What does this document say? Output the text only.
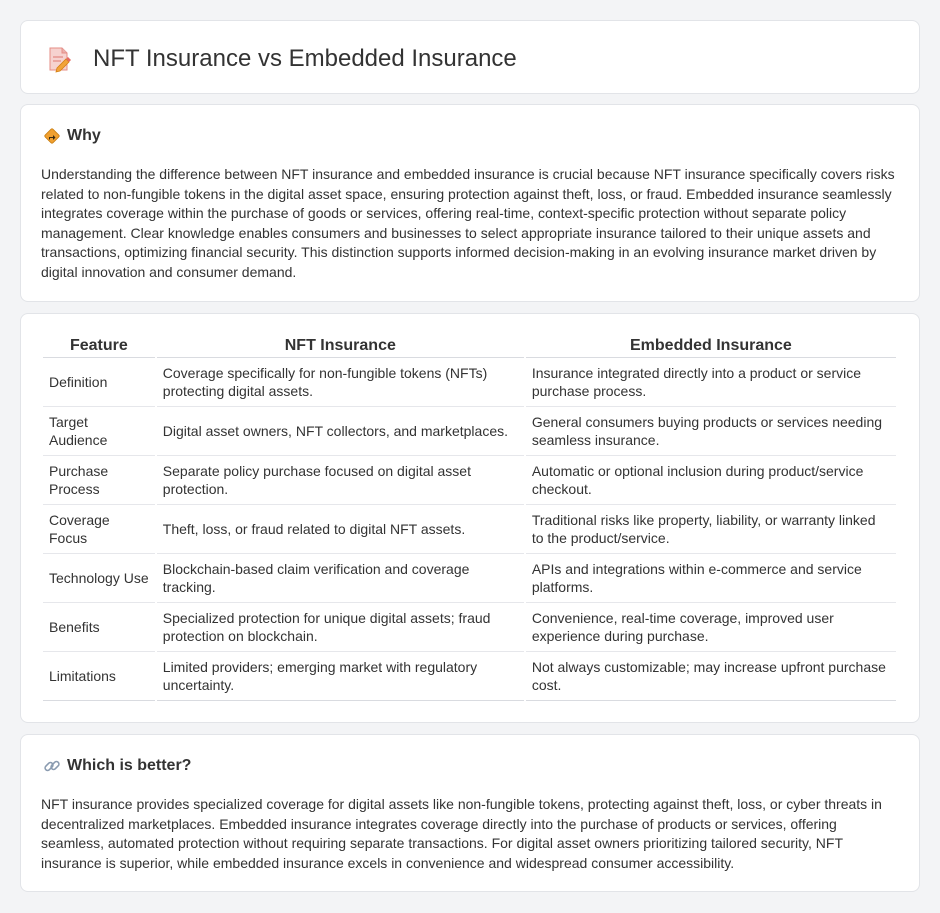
NFT Insurance vs Embedded Insurance
Why

Understanding the difference between NFT insurance and embedded insurance is crucial because NFT insurance specifically covers risks related to non-fungible tokens in the digital asset space, ensuring protection against theft, loss, or fraud. Embedded insurance seamlessly integrates coverage within the purchase of goods or services, offering real-time, context-specific protection without separate policy management. Clear knowledge enables consumers and businesses to select appropriate insurance tailored to their unique assets and transactions, optimizing financial security. This distinction supports informed decision-making in an evolving insurance market driven by digital innovation and consumer demand.

Feature	NFT Insurance	Embedded Insurance
Definition	Coverage specifically for non-fungible tokens (NFTs) protecting digital assets.	Insurance integrated directly into a product or service purchase process.
Target Audience	Digital asset owners, NFT collectors, and marketplaces.	General consumers buying products or services needing seamless insurance.
Purchase Process	Separate policy purchase focused on digital asset protection.	Automatic or optional inclusion during product/service checkout.
Coverage Focus	Theft, loss, or fraud related to digital NFT assets.	Traditional risks like property, liability, or warranty linked to the product/service.
Technology Use	Blockchain-based claim verification and coverage tracking.	APIs and integrations within e-commerce and service platforms.
Benefits	Specialized protection for unique digital assets; fraud protection on blockchain.	Convenience, real-time coverage, improved user experience during purchase.
Limitations	Limited providers; emerging market with regulatory uncertainty.	Not always customizable; may increase upfront purchase cost.
Which is better?

NFT insurance provides specialized coverage for digital assets like non-fungible tokens, protecting against theft, loss, or cyber threats in decentralized marketplaces. Embedded insurance integrates coverage directly into the purchase of products or services, offering seamless, automated protection without requiring separate transactions. For digital asset owners prioritizing tailored security, NFT insurance is superior, while embedded insurance excels in convenience and widespread consumer accessibility.
